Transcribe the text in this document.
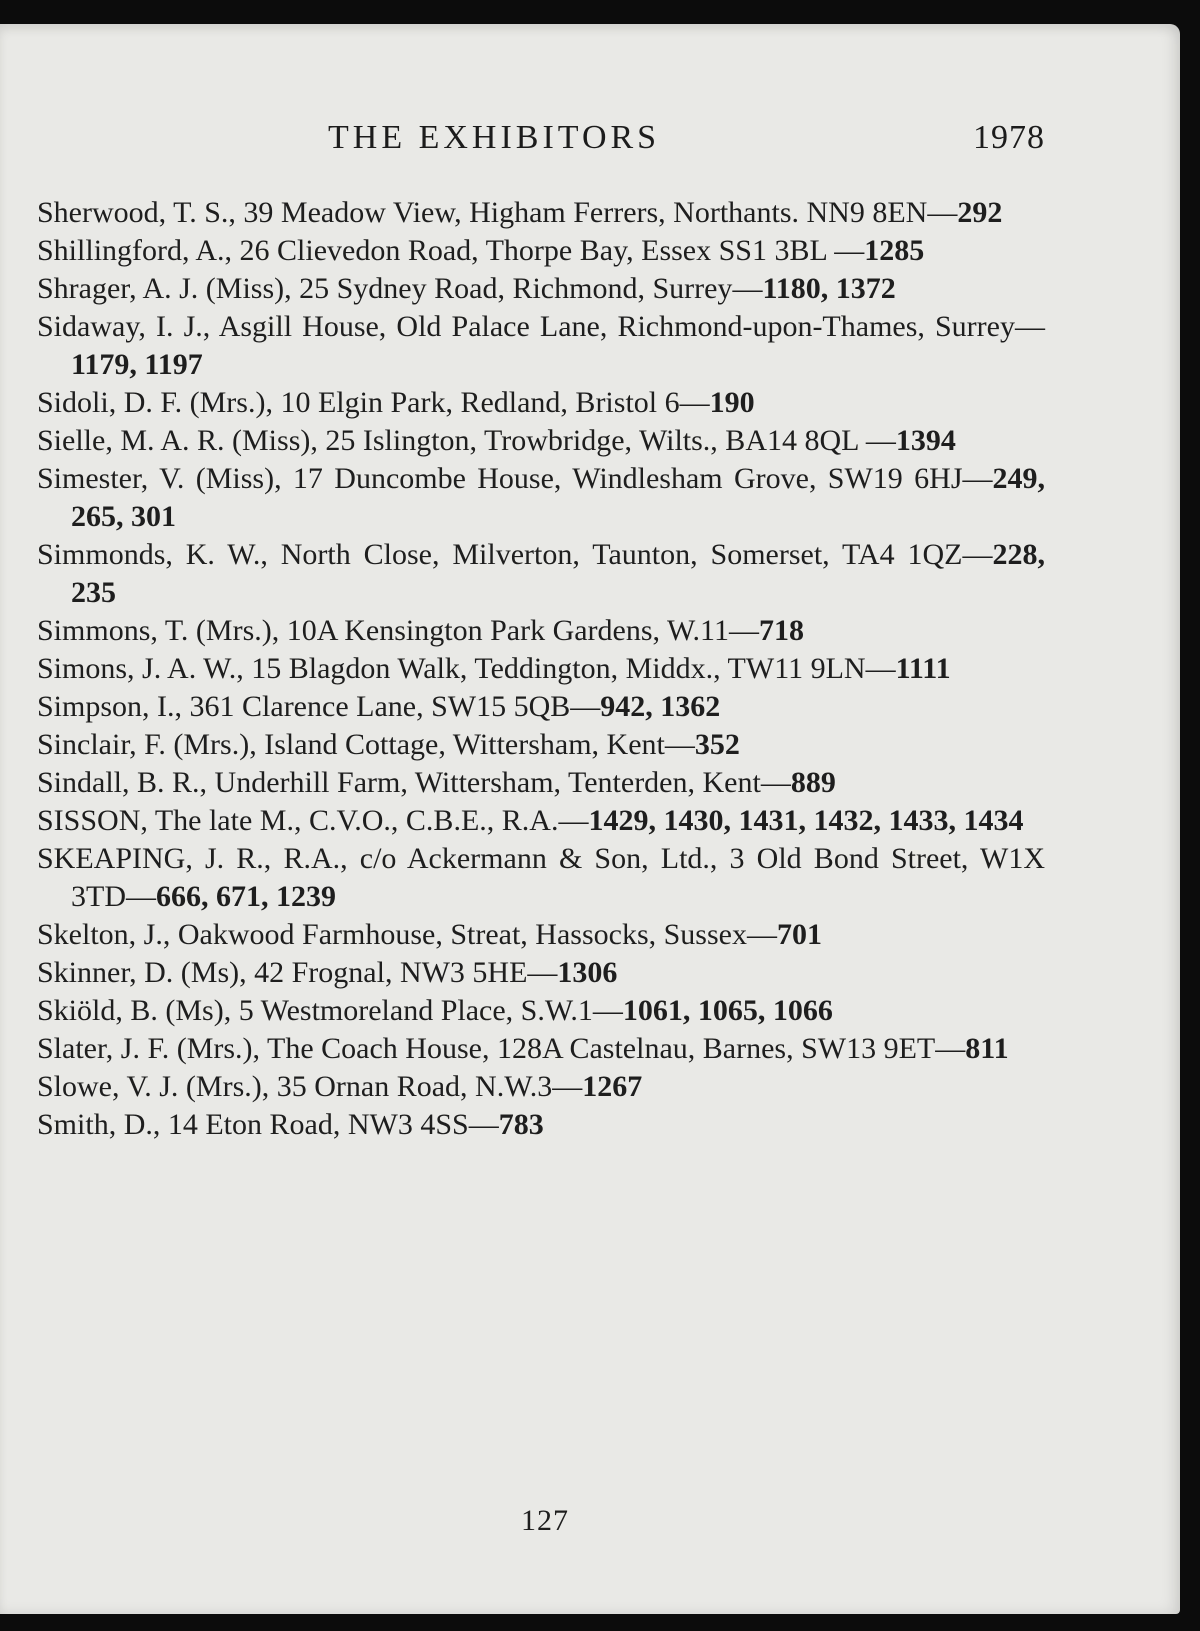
THE EXHIBITORS	1978

Sherwood, T. S., 39 Meadow View, Higham Ferrers, Northants. NN9 8EN—292

Shillingford, A., 26 Clievedon Road, Thorpe Bay, Essex SS1 3BL —1285

Shrager, A. J. (Miss), 25 Sydney Road, Richmond, Surrey—1180, 1372

Sidaway, I. J., Asgill House, Old Palace Lane, Richmond-upon-Thames, Surrey—1179, 1197

Sidoli, D. F. (Mrs.), 10 Elgin Park, Redland, Bristol 6—190

Sielle, M. A. R. (Miss), 25 Islington, Trowbridge, Wilts., BA14 8QL —1394

Simester, V. (Miss), 17 Duncombe House, Windlesham Grove, SW19 6HJ—249, 265, 301

Simmonds, K. W., North Close, Milverton, Taunton, Somerset, TA4 1QZ—228, 235

Simmons, T. (Mrs.), 10A Kensington Park Gardens, W.11—718

Simons, J. A. W., 15 Blagdon Walk, Teddington, Middx., TW11 9LN—1111

Simpson, I., 361 Clarence Lane, SW15 5QB—942, 1362

Sinclair, F. (Mrs.), Island Cottage, Wittersham, Kent—352

Sindall, B. R., Underhill Farm, Wittersham, Tenterden, Kent—889

SISSON, The late M., C.V.O., C.B.E., R.A.—1429, 1430, 1431, 1432, 1433, 1434

SKEAPING, J. R., R.A., c/o Ackermann & Son, Ltd., 3 Old Bond Street, W1X 3TD—666, 671, 1239

Skelton, J., Oakwood Farmhouse, Streat, Hassocks, Sussex—701

Skinner, D. (Ms), 42 Frognal, NW3 5HE—1306

Skiöld, B. (Ms), 5 Westmoreland Place, S.W.1—1061, 1065, 1066

Slater, J. F. (Mrs.), The Coach House, 128A Castelnau, Barnes, SW13 9ET—811

Slowe, V. J. (Mrs.), 35 Ornan Road, N.W.3—1267

Smith, D., 14 Eton Road, NW3 4SS—783

127
